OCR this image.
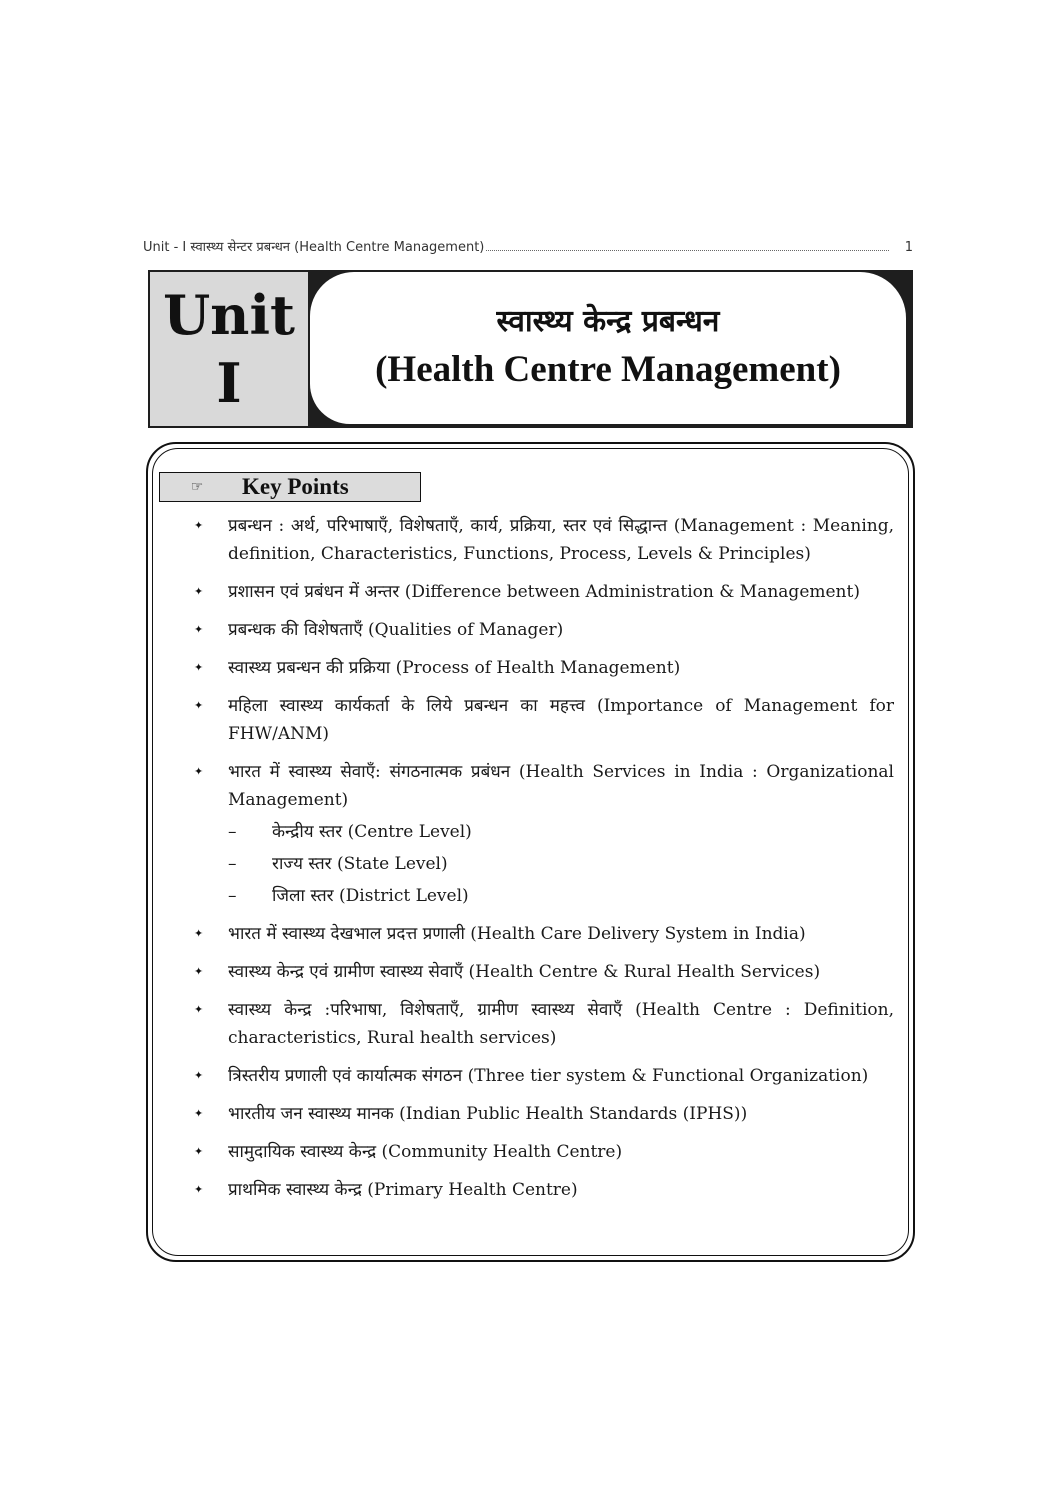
Unit - I स्वास्थ्य सेन्टर प्रबन्धन (Health Centre Management)	1
Unit
I
स्वास्थ्य केन्द्र प्रबन्धन
(Health Centre Management)
☞	Key Points
✦ प्रबन्धन : अर्थ, परिभाषाएँ, विशेषताएँ, कार्य, प्रक्रिया, स्तर एवं सिद्धान्त (Management : Meaning, definition, Characteristics, Functions, Process, Levels & Principles)
✦ प्रशासन एवं प्रबंधन में अन्तर (Difference between Administration & Management)
✦ प्रबन्धक की विशेषताएँ (Qualities of Manager)
✦ स्वास्थ्य प्रबन्धन की प्रक्रिया (Process of Health Management)
✦ महिला स्वास्थ्य कार्यकर्ता के लिये प्रबन्धन का महत्त्व (Importance of Management for FHW/ANM)
✦ भारत में स्वास्थ्य सेवाएँ: संगठनात्मक प्रबंधन (Health Services in India : Organizational Management)
– केन्द्रीय स्तर (Centre Level)
– राज्य स्तर (State Level)
– जिला स्तर (District Level)
✦ भारत में स्वास्थ्य देखभाल प्रदत्त प्रणाली (Health Care Delivery System in India)
✦ स्वास्थ्य केन्द्र एवं ग्रामीण स्वास्थ्य सेवाएँ (Health Centre & Rural Health Services)
✦ स्वास्थ्य केन्द्र :परिभाषा, विशेषताएँ, ग्रामीण स्वास्थ्य सेवाएँ (Health Centre : Definition, characteristics, Rural health services)
✦ त्रिस्तरीय प्रणाली एवं कार्यात्मक संगठन (Three tier system & Functional Organization)
✦ भारतीय जन स्वास्थ्य मानक (Indian Public Health Standards (IPHS))
✦ सामुदायिक स्वास्थ्य केन्द्र (Community Health Centre)
✦ प्राथमिक स्वास्थ्य केन्द्र (Primary Health Centre)
